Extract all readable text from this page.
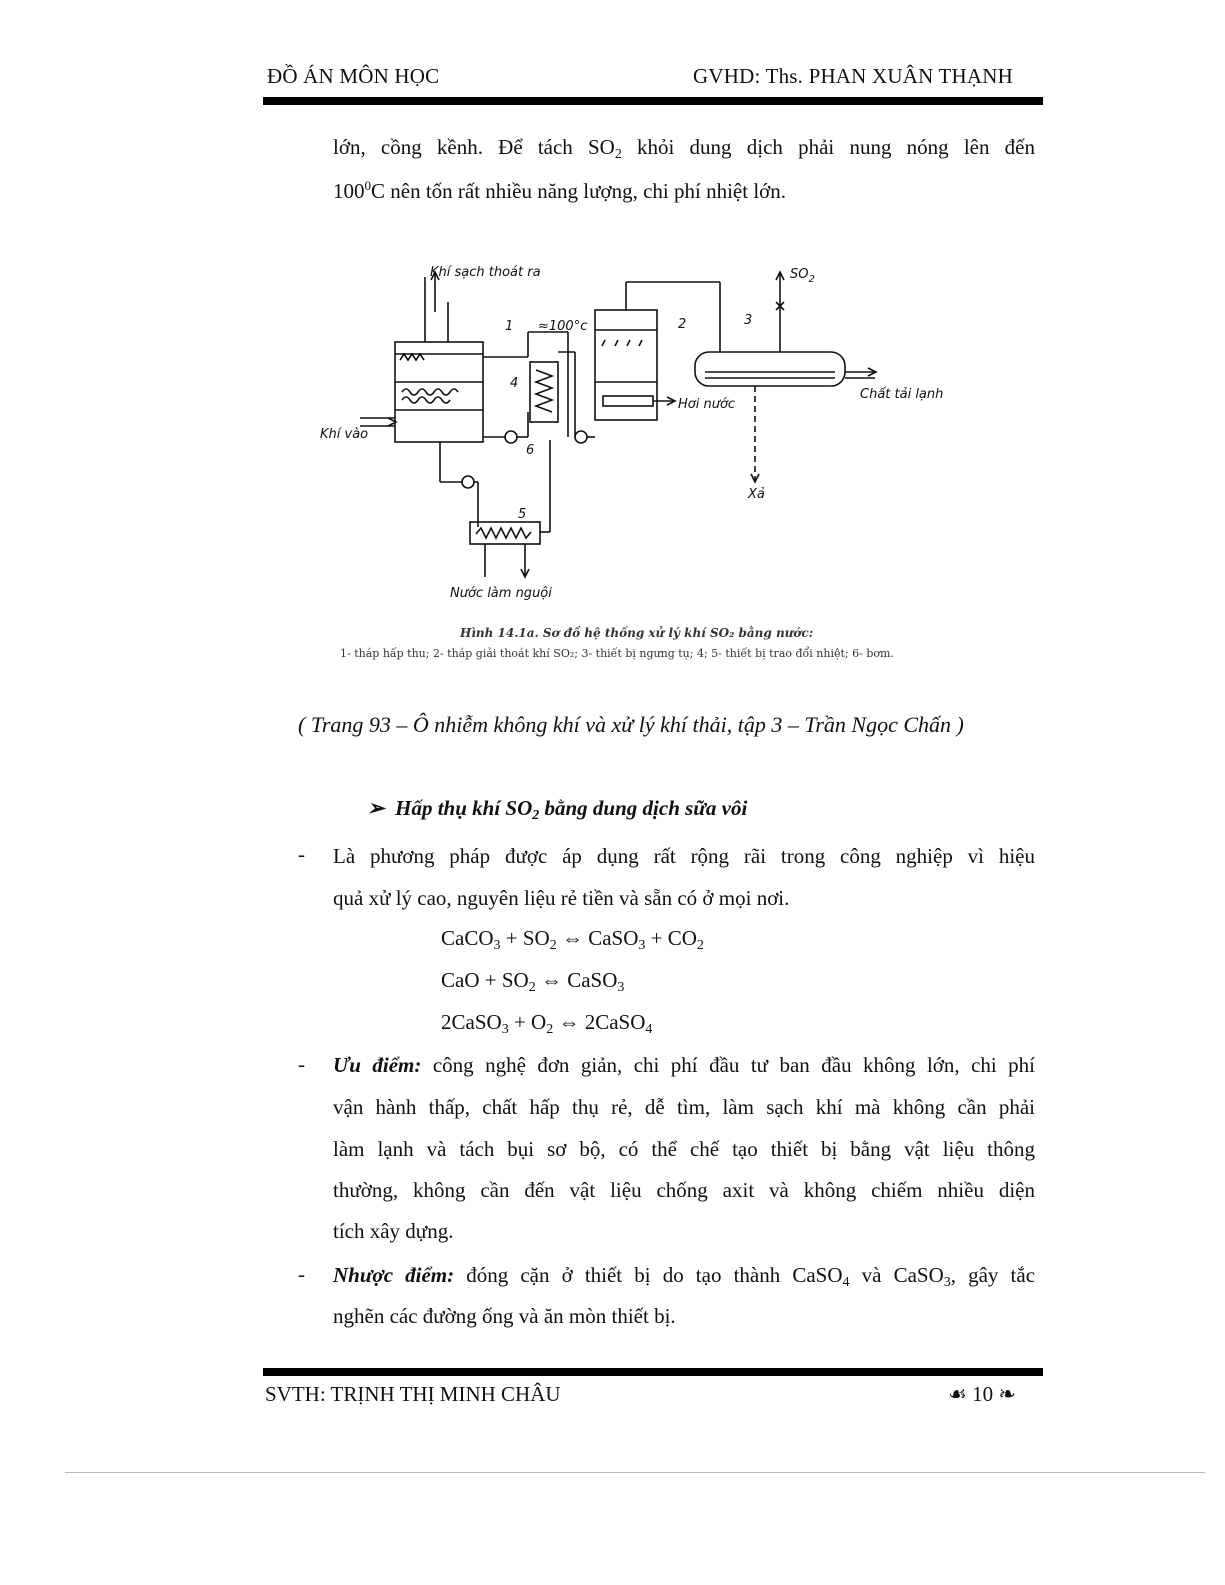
ĐỒ ÁN MÔN HỌC	GVHD: Ths. PHAN XUÂN THẠNH
lớn, cồng kềnh. Để tách $SO_2$ khỏi dung dịch phải nung nóng lên đến
$100^0C$ nên tốn rất nhiều năng lượng, chi phí nhiệt lớn.
Khí sạch thoát ra
≈100°c
$SO_2$
Khí vào
Hơi nước
Chất tải lạnh
Xả
Nước làm nguội
1	2	3
4
5
6
Hình 14.1a. Sơ đồ hệ thống xử lý khí SO₂ bằng nước:
1- tháp hấp thu; 2- tháp giải thoát khí SO₂; 3- thiết bị ngưng tụ; 4; 5- thiết bị trao đổi nhiệt; 6- bơm.
( Trang 93 – Ô nhiễm không khí và xử lý khí thải, tập 3 – Trần Ngọc Chấn )
➢ Hấp thụ khí $SO_2$ bằng dung dịch sữa vôi
- Là phương pháp được áp dụng rất rộng rãi trong công nghiệp vì hiệu
quả xử lý cao, nguyên liệu rẻ tiền và sẵn có ở mọi nơi.
CaCO$_3$ + $SO_2$ ⇔ CaSO$_3$ + $CO_2$
CaO + $SO_2$ ⇔ CaSO$_3$
2CaSO$_3$ + $O_2$ ⇔ 2CaSO$_4$
- Ưu điểm: công nghệ đơn giản, chi phí đầu tư ban đầu không lớn, chi phí
vận hành thấp, chất hấp thụ rẻ, dễ tìm, làm sạch khí mà không cần phải
làm lạnh và tách bụi sơ bộ, có thể chế tạo thiết bị bằng vật liệu thông
thường, không cần đến vật liệu chống axit và không chiếm nhiều diện
tích xây dựng.
- Nhược điểm: đóng cặn ở thiết bị do tạo thành CaSO$_4$ và CaSO$_3$, gây tắc
nghẽn các đường ống và ăn mòn thiết bị.
SVTH: TRỊNH THỊ MINH CHÂU	☙ 10 ❧
